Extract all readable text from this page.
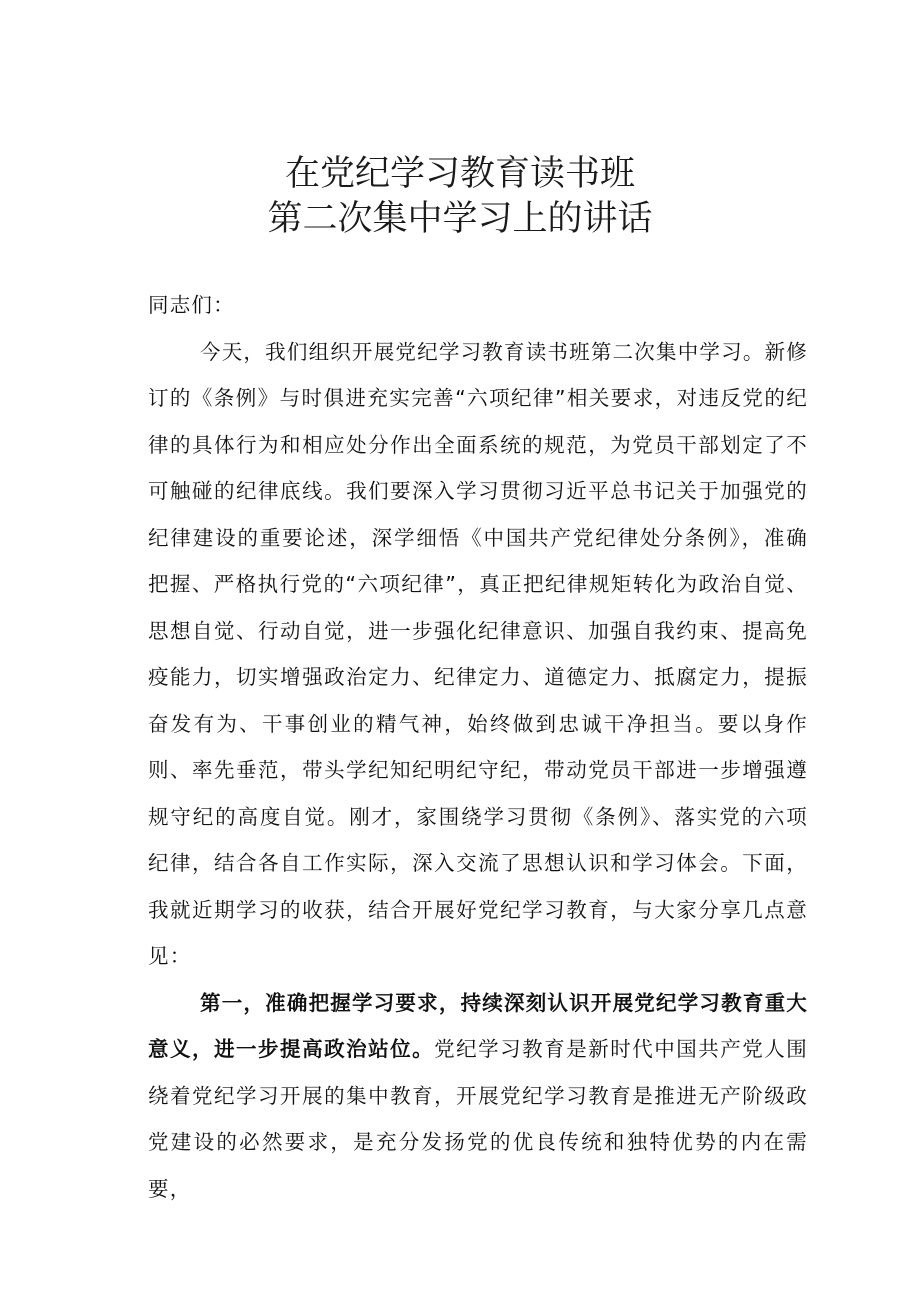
在党纪学习教育读书班
第二次集中学习上的讲话

同志们：

今天，我们组织开展党纪学习教育读书班第二次集中学习。新修订的《条例》与时俱进充实完善“六项纪律”相关要求，对违反党的纪律的具体行为和相应处分作出全面系统的规范，为党员干部划定了不可触碰的纪律底线。我们要深入学习贯彻习近平总书记关于加强党的纪律建设的重要论述，深学细悟《中国共产党纪律处分条例》，准确把握、严格执行党的“六项纪律”，真正把纪律规矩转化为政治自觉、思想自觉、行动自觉，进一步强化纪律意识、加强自我约束、提高免疫能力，切实增强政治定力、纪律定力、道德定力、抵腐定力，提振奋发有为、干事创业的精气神，始终做到忠诚干净担当。要以身作则、率先垂范，带头学纪知纪明纪守纪，带动党员干部进一步增强遵规守纪的高度自觉。刚才，家围绕学习贯彻《条例》、落实党的六项纪律，结合各自工作实际，深入交流了思想认识和学习体会。下面，我就近期学习的收获，结合开展好党纪学习教育，与大家分享几点意见：

第一，准确把握学习要求，持续深刻认识开展党纪学习教育重大意义，进一步提高政治站位。党纪学习教育是新时代中国共产党人围绕着党纪学习开展的集中教育，开展党纪学习教育是推进无产阶级政党建设的必然要求，是充分发扬党的优良传统和独特优势的内在需要，
